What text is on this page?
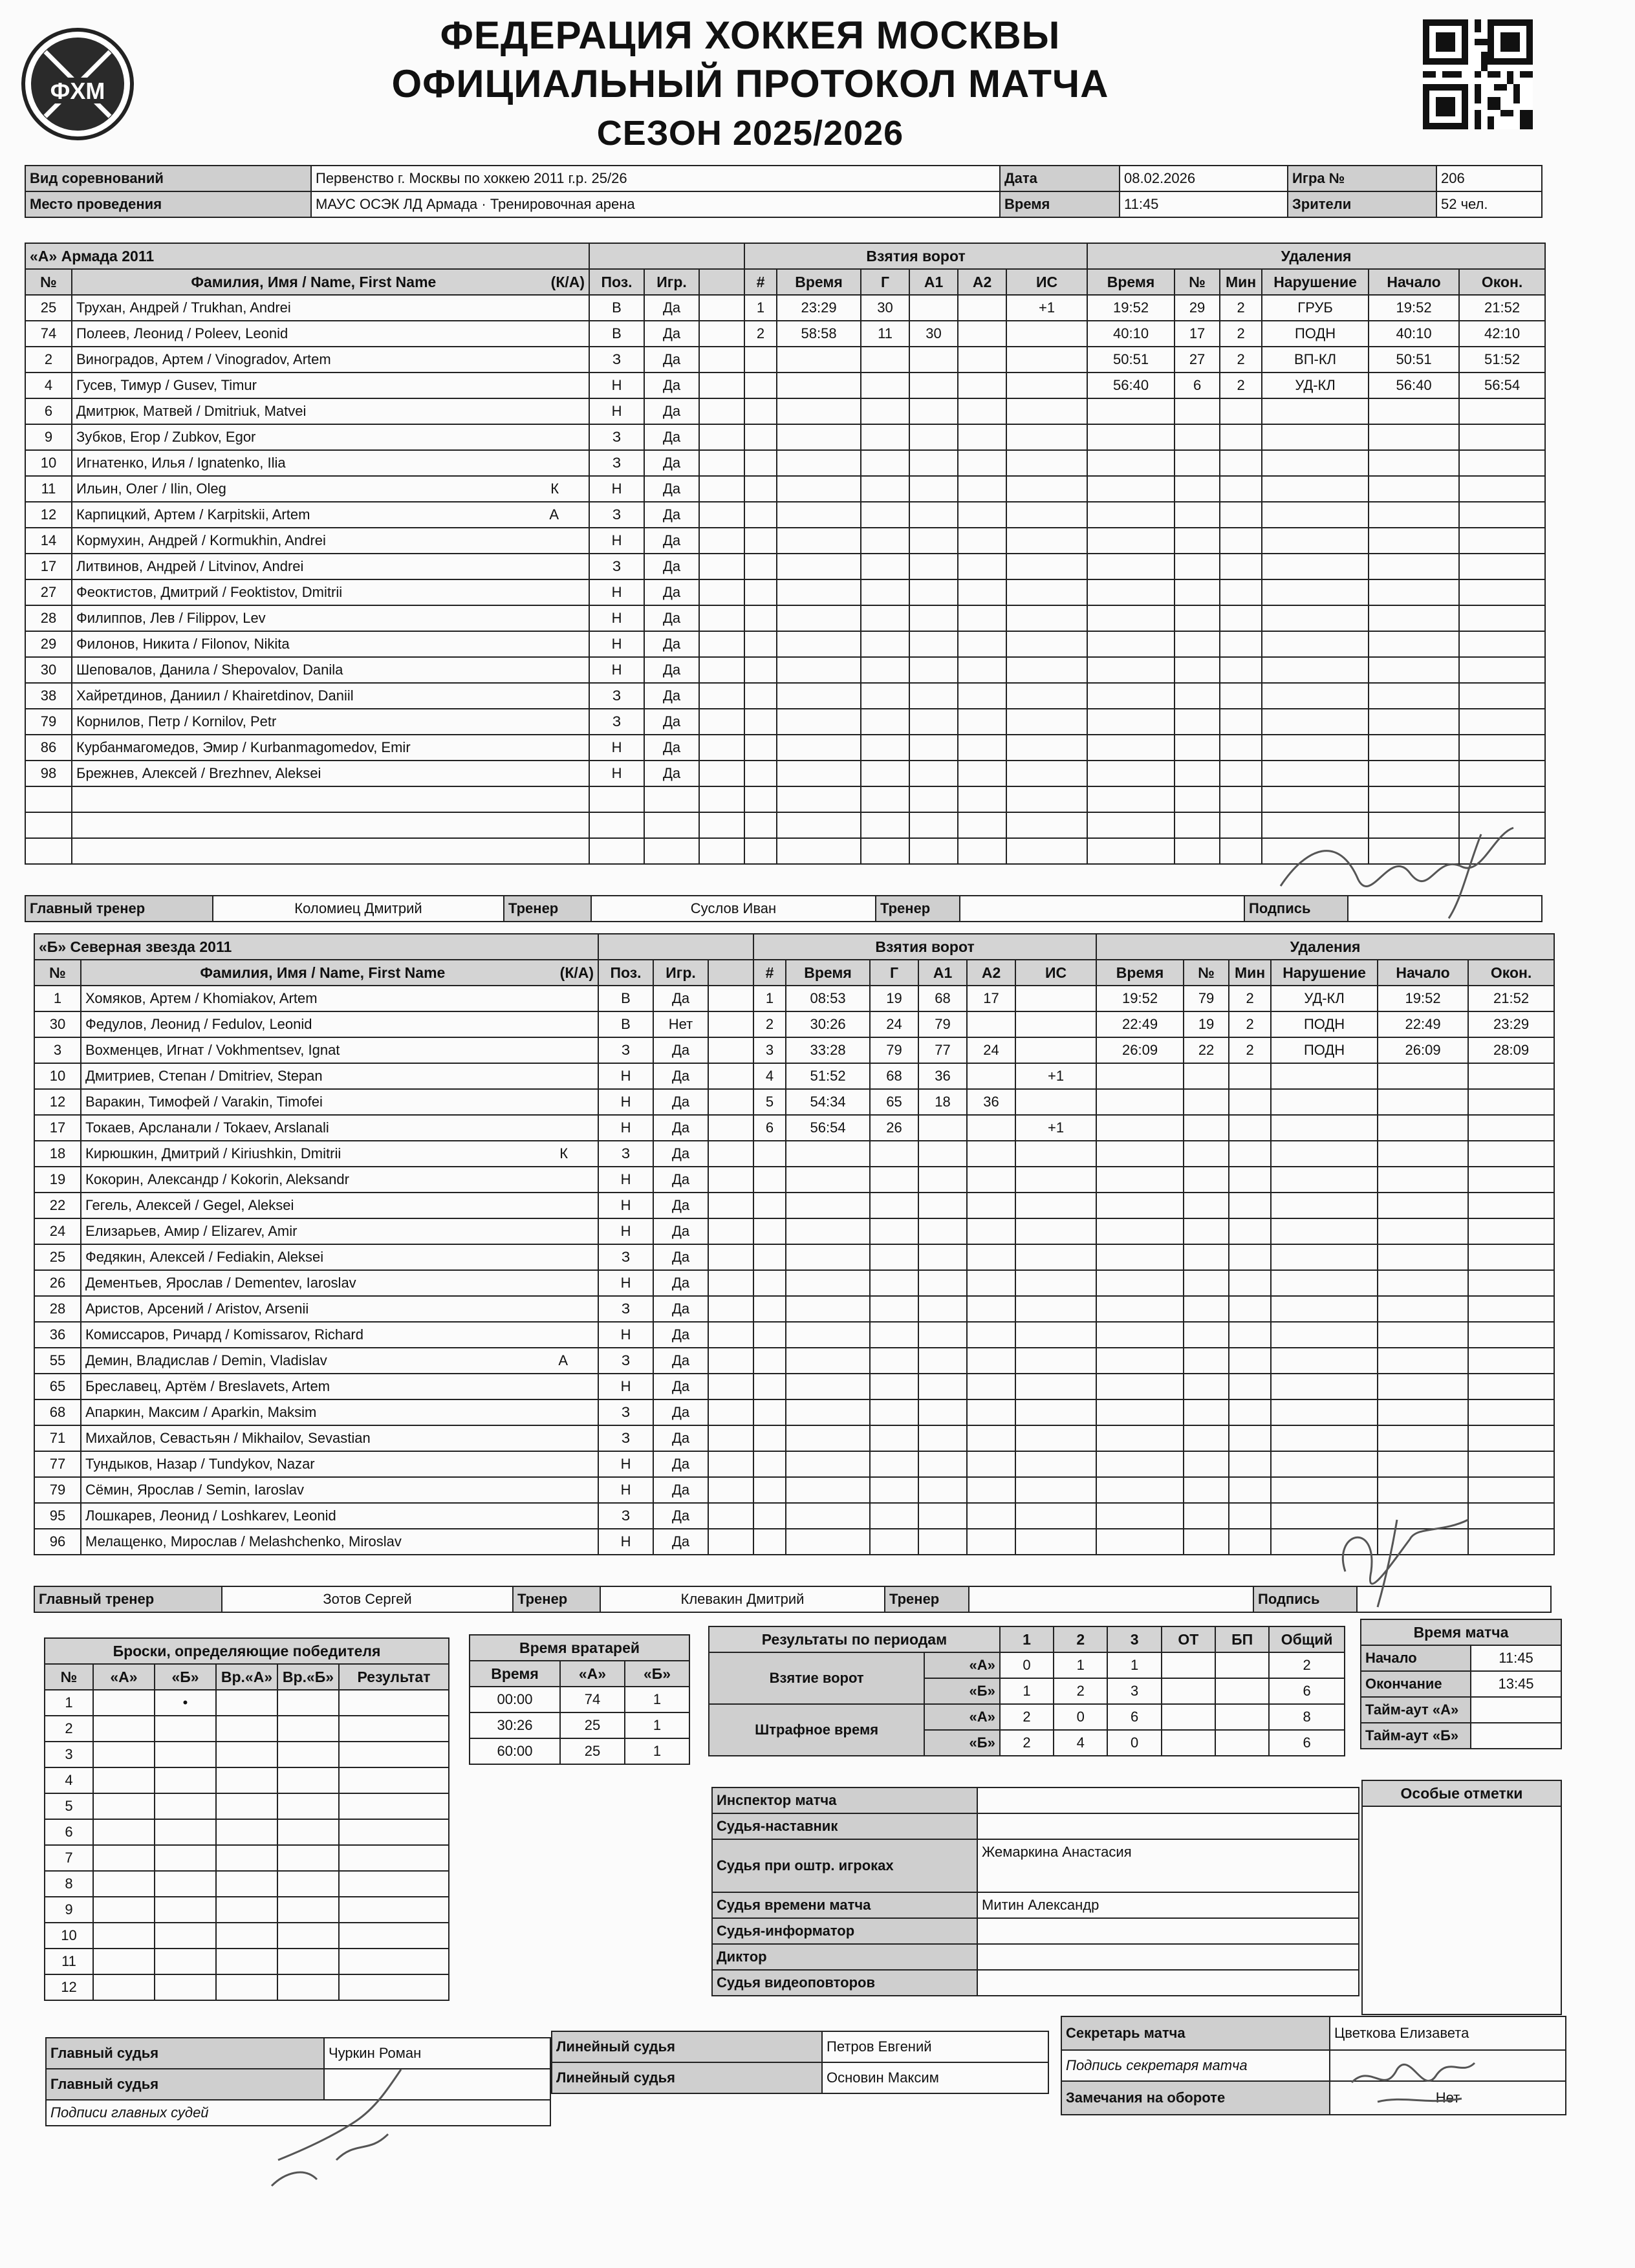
ФХМ
ФЕДЕРАЦИЯ ХОККЕЯ МОСКВЫ
ОФИЦИАЛЬНЫЙ ПРОТОКОЛ МАТЧА
СЕЗОН 2025/2026
Вид соревнований	Первенство г. Москвы по хоккею 2011 г.р. 25/26	Дата	08.02.2026	Игра №	206
Место проведения	МАУС ОСЭК ЛД Армада · Тренировочная арена	Время	11:45	Зрители	52 чел.
«А» Армада 2011					Взятия ворот						Удаления					
№	Фамилия, Имя / Name, First Name (К/А)	Поз.	Игр.		#	Время	Г	А1	А2	ИС	Время	№	Мин	Нарушение	Начало	Окон.
25	Трухан, Андрей / Trukhan, Andrei	В	Да		1	23:29	30			+1	19:52	29	2	ГРУБ	19:52	21:52
74	Полеев, Леонид / Poleev, Leonid	В	Да		2	58:58	11	30			40:10	17	2	ПОДН	40:10	42:10
2	Виноградов, Артем / Vinogradov, Artem	З	Да								50:51	27	2	ВП-КЛ	50:51	51:52
4	Гусев, Тимур / Gusev, Timur	Н	Да								56:40	6	2	УД-КЛ	56:40	56:54
6	Дмитрюк, Матвей / Dmitriuk, Matvei	Н	Да													
9	Зубков, Егор / Zubkov, Egor	З	Да													
10	Игнатенко, Илья / Ignatenko, Ilia	З	Да													
11	Ильин, Олег / Ilin, Oleg К	Н	Да													
12	Карпицкий, Артем / Karpitskii, Artem А	З	Да													
14	Кормухин, Андрей / Kormukhin, Andrei	Н	Да													
17	Литвинов, Андрей / Litvinov, Andrei	З	Да													
27	Феоктистов, Дмитрий / Feoktistov, Dmitrii	Н	Да													
28	Филиппов, Лев / Filippov, Lev	Н	Да													
29	Филонов, Никита / Filonov, Nikita	Н	Да													
30	Шеповалов, Данила / Shepovalov, Danila	Н	Да													
38	Хайретдинов, Даниил / Khairetdinov, Daniil	З	Да													
79	Корнилов, Петр / Kornilov, Petr	З	Да													
86	Курбанмагомедов, Эмир / Kurbanmagomedov, Emir	Н	Да													
98	Брежнев, Алексей / Brezhnev, Aleksei	Н	Да													

Главный тренер	Коломиец Дмитрий	Тренер	Суслов Иван	Тренер		Подпись	
«Б» Северная звезда 2011					Взятия ворот						Удаления					
№	Фамилия, Имя / Name, First Name (К/А)	Поз.	Игр.		#	Время	Г	А1	А2	ИС	Время	№	Мин	Нарушение	Начало	Окон.
1	Хомяков, Артем / Khomiakov, Artem	В	Да		1	08:53	19	68	17		19:52	79	2	УД-КЛ	19:52	21:52
30	Федулов, Леонид / Fedulov, Leonid	В	Нет		2	30:26	24	79			22:49	19	2	ПОДН	22:49	23:29
3	Вохменцев, Игнат / Vokhmentsev, Ignat	З	Да		3	33:28	79	77	24		26:09	22	2	ПОДН	26:09	28:09
10	Дмитриев, Степан / Dmitriev, Stepan	Н	Да		4	51:52	68	36		+1						
12	Варакин, Тимофей / Varakin, Timofei	Н	Да		5	54:34	65	18	36							
17	Токаев, Арсланали / Tokaev, Arslanali	Н	Да		6	56:54	26			+1						
18	Кирюшкин, Дмитрий / Kiriushkin, Dmitrii К	З	Да													
19	Кокорин, Александр / Kokorin, Aleksandr	Н	Да													
22	Гегель, Алексей / Gegel, Aleksei	Н	Да													
24	Елизарьев, Амир / Elizarev, Amir	Н	Да													
25	Федякин, Алексей / Fediakin, Aleksei	З	Да													
26	Дементьев, Ярослав / Dementev, Iaroslav	Н	Да													
28	Аристов, Арсений / Aristov, Arsenii	З	Да													
36	Комиссаров, Ричард / Komissarov, Richard	Н	Да													
55	Демин, Владислав / Demin, Vladislav А	З	Да													
65	Бреславец, Артём / Breslavets, Artem	Н	Да													
68	Апаркин, Максим / Aparkin, Maksim	З	Да													
71	Михайлов, Севастьян / Mikhailov, Sevastian	З	Да													
77	Тундыков, Назар / Tundykov, Nazar	Н	Да													
79	Сёмин, Ярослав / Semin, Iaroslav	Н	Да													
95	Лошкарев, Леонид / Loshkarev, Leonid	З	Да													
96	Мелащенко, Мирослав / Melashchenko, Miroslav	Н	Да													
Главный тренер	Зотов Сергей	Тренер	Клевакин Дмитрий	Тренер		Подпись	
Броски, определяющие победителя					
№	«А»	«Б»	Вр.«А»	Вр.«Б»	Результат
1		•			
2					
3					
4					
5					
6					
7					
8					
9					
10					
11					
12					
Время вратарей		
Время	«А»	«Б»
00:00	74	1
30:26	25	1
60:00	25	1
Результаты по периодам		1	2	3	ОТ	БП	Общий
Взятие ворот	«А»	0	1	1			2
	«Б»	1	2	3			6
Штрафное время	«А»	2	0	6			8
	«Б»	2	4	0			6
Время матча	
Начало	11:45
Окончание	13:45
Тайм-аут «А»	
Тайм-аут «Б»	
Инспектор матча	
Судья-наставник	
Судья при оштр. игроках	Жемаркина Анастасия
Судья времени матча	Митин Александр
Судья-информатор	
Диктор	
Судья видеоповторов	
Особые отметки

Главный судья	Чуркин Роман
Главный судья	
Подписи главных судей	
Линейный судья	Петров Евгений
Линейный судья	Основин Максим
Секретарь матча	Цветкова Елизавета
Подпись секретаря матча	
Замечания на обороте	Нет
